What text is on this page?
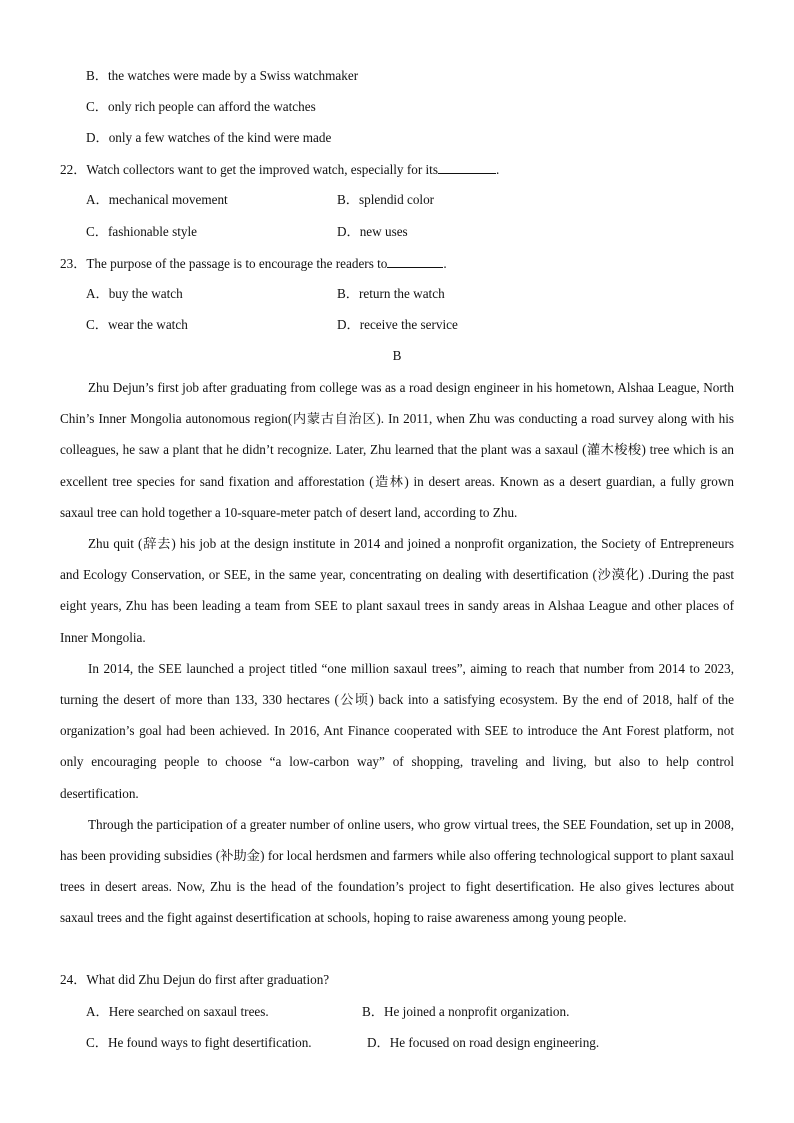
B．the watches were made by a Swiss watchmaker
C．only rich people can afford the watches
D．only a few watches of the kind were made
22．Watch collectors want to get the improved watch, especially for its	.
A．mechanical movement	B．splendid color
C．fashionable style	D．new uses
23．The purpose of the passage is to encourage the readers to	.
A．buy the watch	B．return the watch
C．wear the watch	D．receive the service
B

Zhu Dejun’s first job after graduating from college was as a road design engineer in his hometown, Alshaa League, North Chin’s Inner Mongolia autonomous region(内蒙古自治区). In 2011, when Zhu was conducting a road survey along with his colleagues, he saw a plant that he didn’t recognize. Later, Zhu learned that the plant was a saxaul (灌木梭梭) tree which is an excellent tree species for sand fixation and afforestation (造林) in desert areas. Known as a desert guardian, a fully grown saxaul tree can hold together a 10-square-meter patch of desert land, according to Zhu.

Zhu quit (辞去) his job at the design institute in 2014 and joined a nonprofit organization, the Society of Entrepreneurs and Ecology Conservation, or SEE, in the same year, concentrating on dealing with desertification (沙漠化) .During the past eight years, Zhu has been leading a team from SEE to plant saxaul trees in sandy areas in Alshaa League and other places of Inner Mongolia.

In 2014, the SEE launched a project titled “one million saxaul trees”, aiming to reach that number from 2014 to 2023, turning the desert of more than 133, 330 hectares (公顷) back into a satisfying ecosystem. By the end of 2018, half of the organization’s goal had been achieved. In 2016, Ant Finance cooperated with SEE to introduce the Ant Forest platform, not only encouraging people to choose “a low-carbon way” of shopping, traveling and living, but also to help control desertification.

Through the participation of a greater number of online users, who grow virtual trees, the SEE Foundation, set up in 2008, has been providing subsidies (补助金) for local herdsmen and farmers while also offering technological support to plant saxaul trees in desert areas. Now, Zhu is the head of the foundation’s project to fight desertification. He also gives lectures about saxaul trees and the fight against desertification at schools, hoping to raise awareness among young people.

24．What did Zhu Dejun do first after graduation?
A．Here searched on saxaul trees.	B．He joined a nonprofit organization.
C．He found ways to fight desertification.	D．He focused on road design engineering.
